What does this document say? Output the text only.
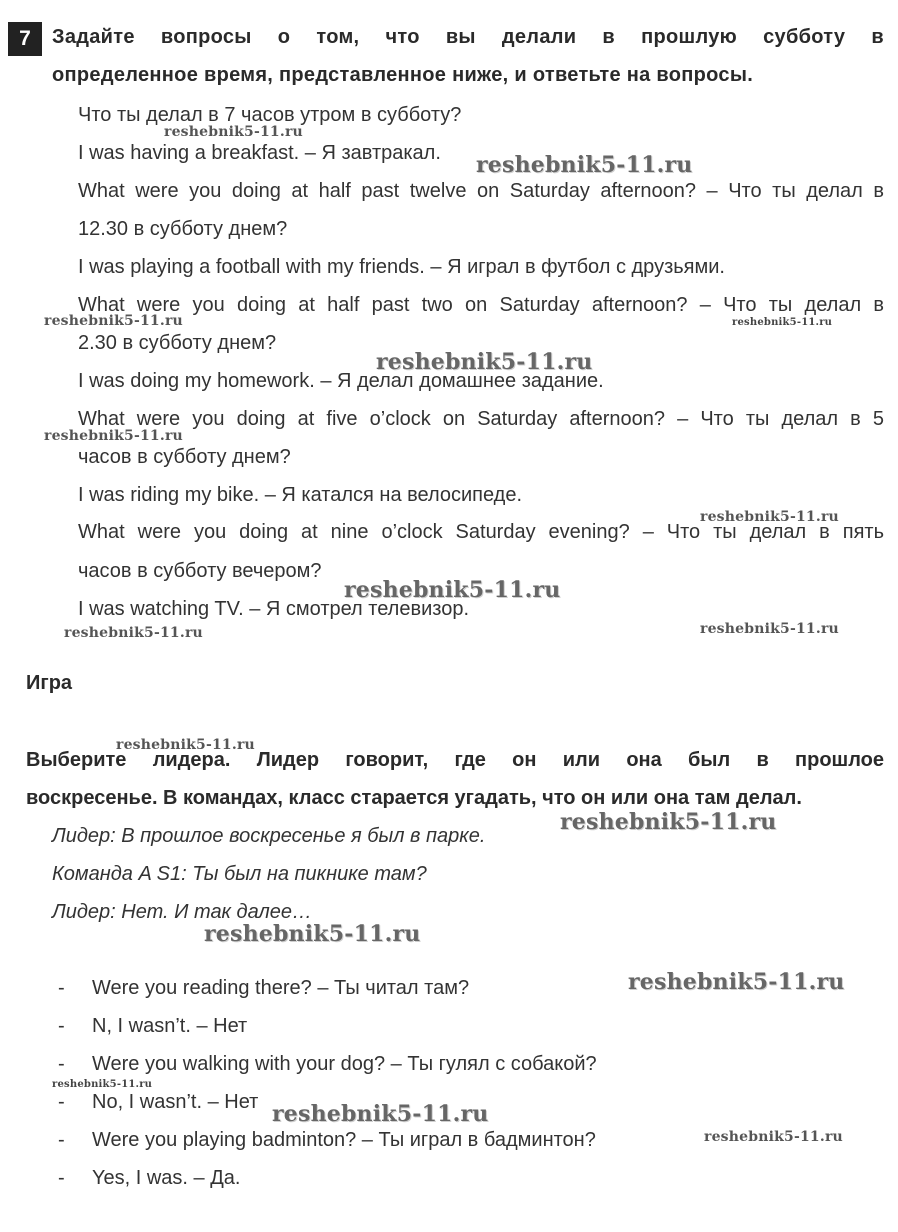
7	Задайте вопросы о том, что вы делали в прошлую субботу в
определенное время, представленное ниже, и ответьте на вопросы.
Что ты делал в 7 часов утром в субботу?
I was having a breakfast. – Я завтракал.
What were you doing at half past twelve on Saturday afternoon? – Что ты делал в
12.30 в субботу днем?
I was playing a football with my friends. – Я играл в футбол с друзьями.
What were you doing at half past two on Saturday afternoon? – Что ты делал в
2.30 в субботу днем?
I was doing my homework. – Я делал домашнее задание.
What were you doing at five o’clock on Saturday afternoon? – Что ты делал в 5
часов в субботу днем?
I was riding my bike. – Я катался на велосипеде.
What were you doing at nine o’clock Saturday evening? – Что ты делал в пять
часов в субботу вечером?
I was watching TV. – Я смотрел телевизор.
Игра
Выберите лидера. Лидер говорит, где он или она был в прошлое
воскресенье. В командах, класс старается угадать, что он или она там делал.
Лидер: В прошлое воскресенье я был в парке.
Команда A S1: Ты был на пикнике там?
Лидер: Нет. И так далее…
- Were you reading there? – Ты читал там?
- N, I wasn’t. – Нет
- Were you walking with your dog? – Ты гулял с собакой?
- No, I wasn’t. – Нет
- Were you playing badminton? – Ты играл в бадминтон?
- Yes, I was. – Да.
reshebnik5-11.ru
reshebnik5-11.ru
reshebnik5-11.ru	reshebnik5-11.ru
reshebnik5-11.ru
reshebnik5-11.ru
reshebnik5-11.ru
reshebnik5-11.ru
reshebnik5-11.ru	reshebnik5-11.ru
reshebnik5-11.ru
reshebnik5-11.ru
reshebnik5-11.ru
reshebnik5-11.ru
reshebnik5-11.ru
reshebnik5-11.ru
reshebnik5-11.ru
